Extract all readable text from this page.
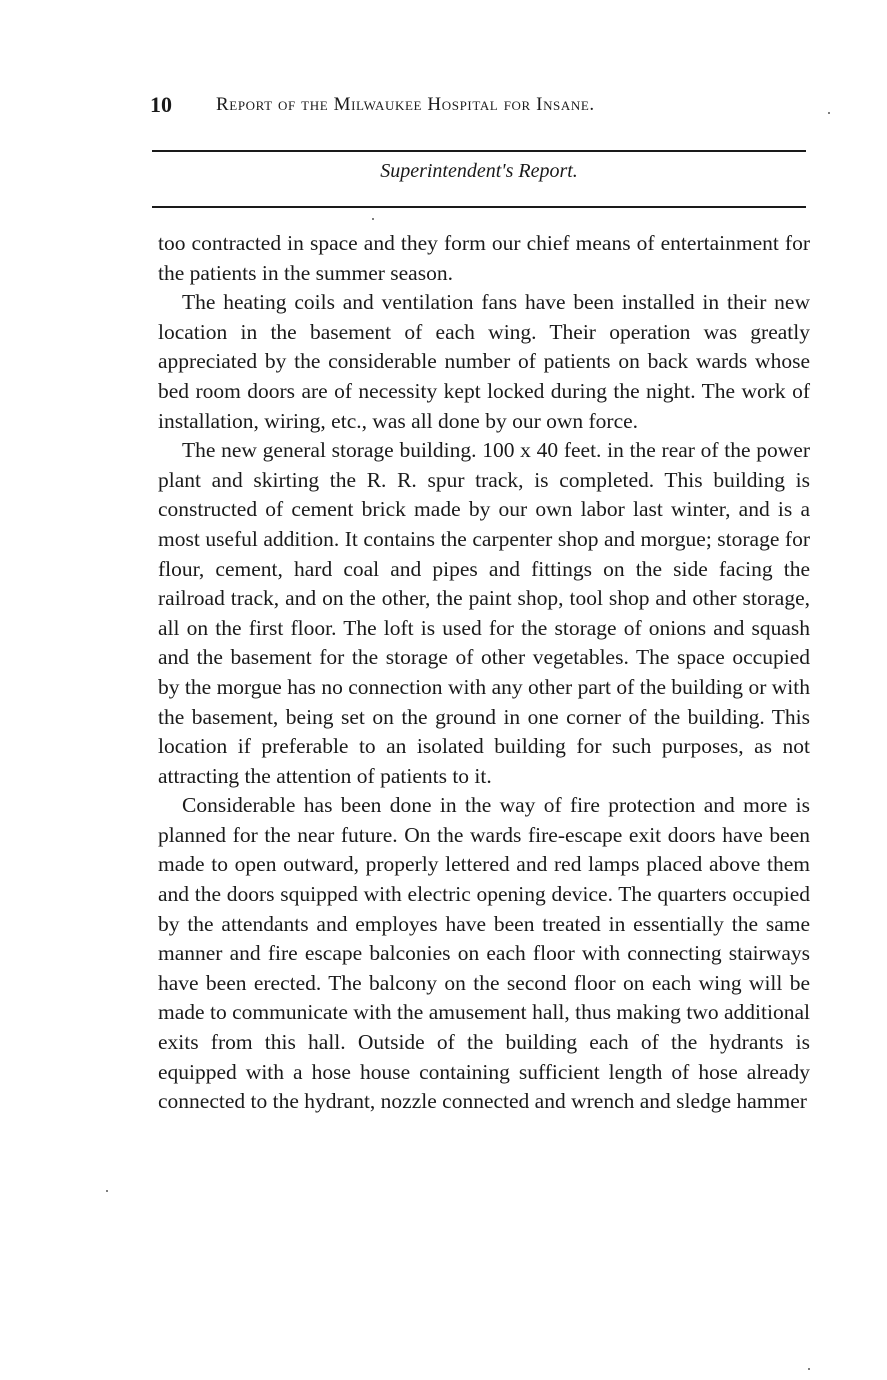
10 Report of the Milwaukee Hospital for Insane.
Superintendent's Report.

too contracted in space and they form our chief means of entertainment for the patients in the summer season.

The heating coils and ventilation fans have been installed in their new location in the basement of each wing. Their operation was greatly appreciated by the considerable number of patients on back wards whose bed room doors are of necessity kept locked during the night. The work of installation, wiring, etc., was all done by our own force.

The new general storage building. 100 x 40 feet. in the rear of the power plant and skirting the R. R. spur track, is completed. This building is constructed of cement brick made by our own labor last winter, and is a most useful addition. It contains the carpenter shop and morgue; storage for flour, cement, hard coal and pipes and fittings on the side facing the railroad track, and on the other, the paint shop, tool shop and other storage, all on the first floor. The loft is used for the storage of onions and squash and the basement for the storage of other vegetables. The space occupied by the morgue has no connection with any other part of the building or with the basement, being set on the ground in one corner of the building. This location if preferable to an isolated building for such purposes, as not attracting the attention of patients to it.

Considerable has been done in the way of fire protection and more is planned for the near future. On the wards fire-escape exit doors have been made to open outward, properly lettered and red lamps placed above them and the doors squipped with electric opening device. The quarters occupied by the attendants and employes have been treated in essentially the same manner and fire escape balconies on each floor with connecting stairways have been erected. The balcony on the second floor on each wing will be made to communicate with the amusement hall, thus making two additional exits from this hall. Outside of the building each of the hydrants is equipped with a hose house containing sufficient length of hose already connected to the hydrant, nozzle connected and wrench and sledge hammer
